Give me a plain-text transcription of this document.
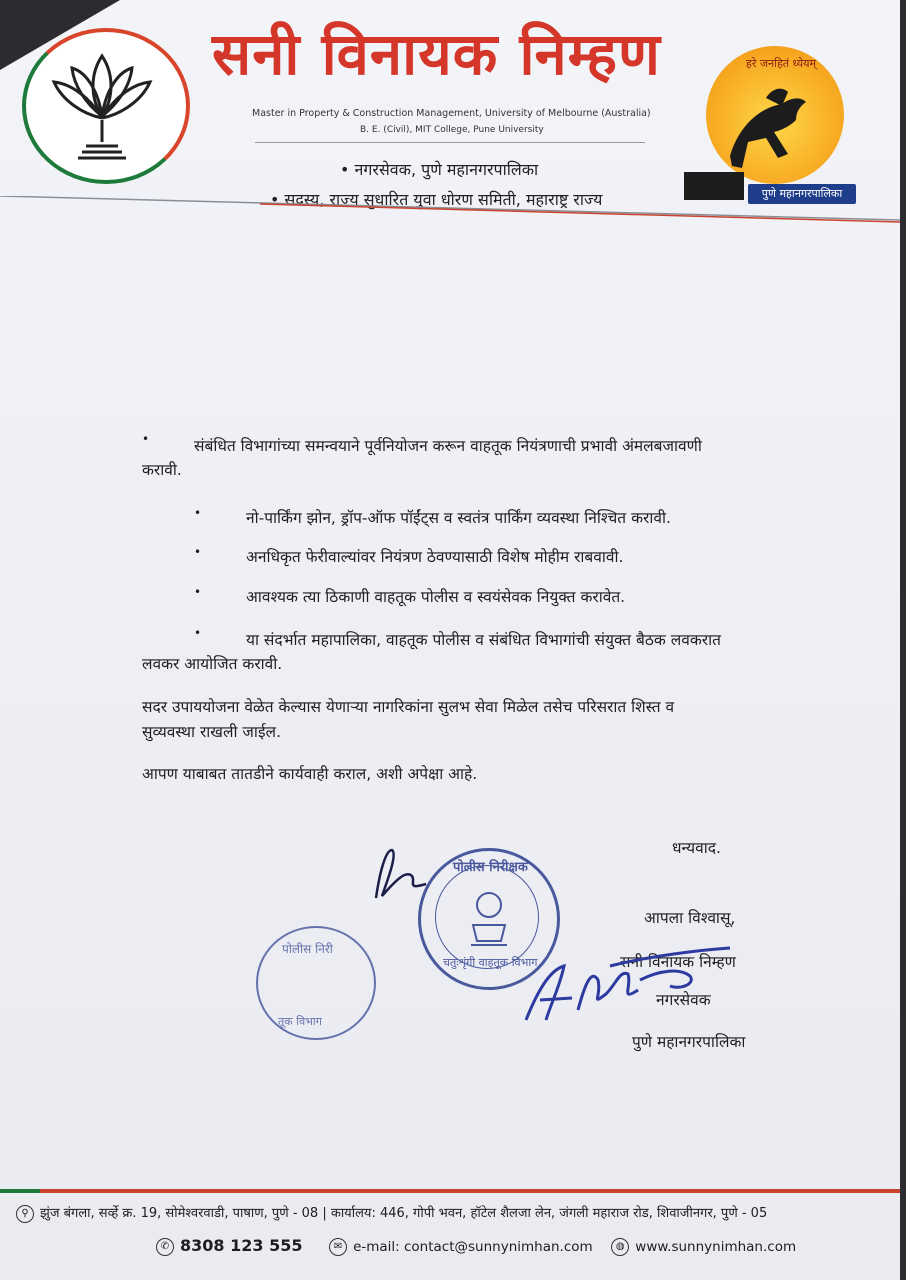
सनी विनायक निम्हण
Master in Property & Construction Management, University of Melbourne (Australia)
B. E. (Civil), MIT College, Pune University
• नगरसेवक, पुणे महानगरपालिका
• सदस्य, राज्य सुधारित युवा धोरण समिती, महाराष्ट्र राज्य
हरे जनहितं ध्येयम्
पुणे महानगरपालिका
•	संबंधित विभागांच्या समन्वयाने पूर्वनियोजन करून वाहतूक नियंत्रणाची प्रभावी अंमलबजावणी
करावी.
•	नो-पार्किंग झोन, ड्रॉप-ऑफ पॉईंट्स व स्वतंत्र पार्किंग व्यवस्था निश्चित करावी.
•	अनधिकृत फेरीवाल्यांवर नियंत्रण ठेवण्यासाठी विशेष मोहीम राबवावी.
•	आवश्यक त्या ठिकाणी वाहतूक पोलीस व स्वयंसेवक नियुक्त करावेत.
•	या संदर्भात महापालिका, वाहतूक पोलीस व संबंधित विभागांची संयुक्त बैठक लवकरात
लवकर आयोजित करावी.
सदर उपाययोजना वेळेत केल्यास येणाऱ्या नागरिकांना सुलभ सेवा मिळेल तसेच परिसरात शिस्त व
सुव्यवस्था राखली जाईल.
आपण याबाबत तातडीने कार्यवाही कराल, अशी अपेक्षा आहे.
धन्यवाद.
आपला विश्वासू,
सनी विनायक निम्हण
नगरसेवक
पुणे महानगरपालिका
पोलीस निरीक्षक
चतुःशृंगी वाहतूक विभाग
पोलीस निरी
तूक विभाग
⚲ झुंज बंगला, सर्व्हे क्र. 19, सोमेश्वरवाडी, पाषाण, पुणे - 08 | कार्यालय: 446, गोपी भवन, हॉटेल शैलजा लेन, जंगली महाराज रोड, शिवाजीनगर, पुणे - 05
✆ 8308 123 555	✉ e-mail: contact@sunnynimhan.com ◍ www.sunnynimhan.com
